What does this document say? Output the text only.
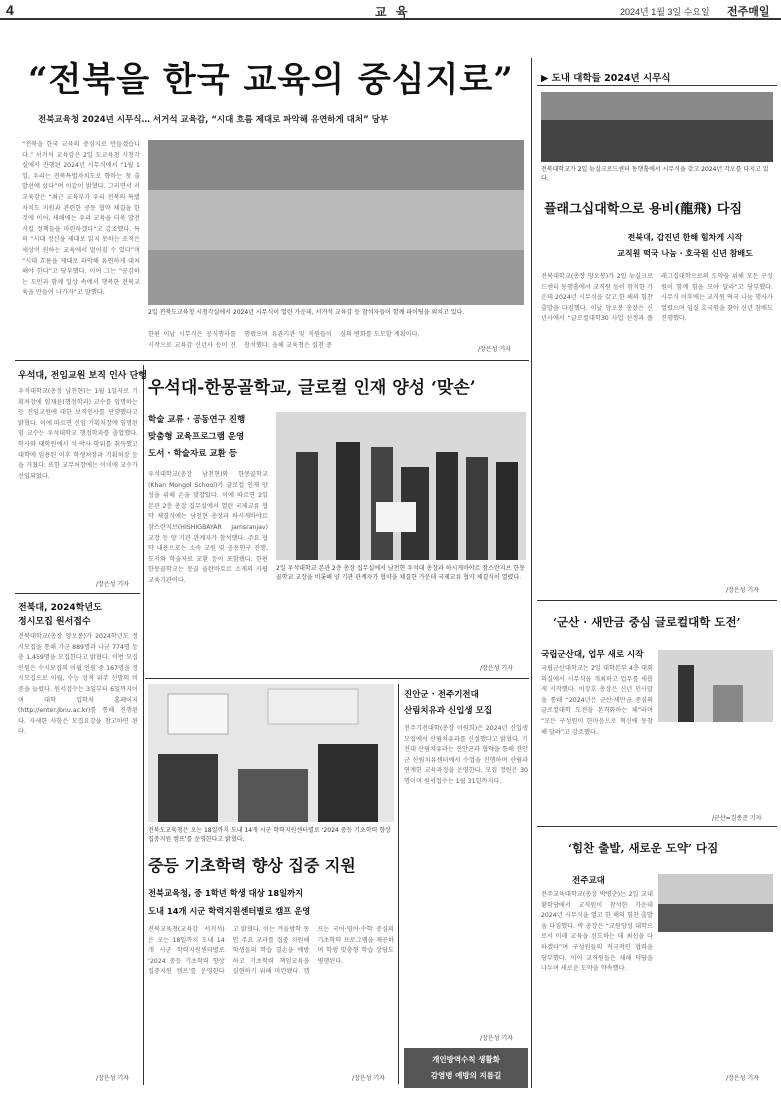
4	교 육	2024년 1월 3일 수요일 전주매일
“전북을 한국 교육의 중심지로”
전북교육청 2024년 시무식… 서거석 교육감, “시대 흐름 제대로 파악해 유연하게 대처” 당부
“전북을 한국 교육의 중심지로 만들겠습니다.” 서거석 교육감은 2일 도교육청 시청각실에서 진행된 2024년 시무식에서 “1월 1일, 우리는 전북특별자치도로 향하는 첫 출발선에 섰다”며 이같이 밝혔다. 그러면서 서 교육감은 “최근 교육부가 우리 전북의 특별자치도 지원과 관련한 공동 협약 체결을 한 것에 이어, 새해에는 우리 교육을 더욱 발전시킬 정책들을 마련하겠다”고 강조했다. 특히 “시대 정신을 제대로 읽지 못하는 조직은 세상이 원하는 교육에서 멀어질 수 있다”며 “시대 흐름을 제대로 파악해 유연하게 대처해야 한다”고 당부했다. 이어 그는 “공감하는 도민과 함께 일상 속에서 행복한 전북교육을 만들어 나가자”고 말했다.
2일 전북도교육청 시청각실에서 2024년 시무식이 열린 가운데, 서거석 교육감 등 참석자들이 함께 파이팅을 외치고 있다.
한편 이날 시무식은 공식행사를 시작으로 교육감 신년사 등이 진행됐으며 유관기관 및 직원들이 참석했다. 올해 교육청은 실천 중심의 변화를 도모할 계획이다.
/장은성 기자
우석대, 전임교원 보직 인사 단행
우석대학교(총장 남천현)는 1월 1일자로 기획처장에 임재윤(행정학과) 교수를 임명하는 등 전임교원에 대한 보직인사를 단행했다고 밝혔다. 이에 따르면 신임 기획처장에 임명된 임 교수는 우석대학교 행정학과를 졸업했다. 학사와 대학원에서 석·박사 학위를 취득했고 대학에 임용된 이후 학생처장과 기획처장 등을 거쳤다. 또한 교무처장에는 이미애 교수가 선임되었다.
/장은성 기자
전북대, 2024학년도
정시모집 원서접수
전북대학교(총장 양오봉)가 2024학년도 정시모집을 통해 가군 889명과 나군 774명 등 총 1,459명을 모집한다고 밝혔다. 이번 모집 인원은 수시모집의 이월 인원 중 167명을 정시모집으로 이월, 수능 성적 위주 선발의 비중을 늘렸다. 원서접수는 3일부터 6일까지이며 대학 입학처 홈페이지(http://enter.jbnu.ac.kr)를 통해 진행된다. 자세한 사항은 모집요강을 참고하면 된다.
/장은성 기자
우석대-한몽골학교, 글로컬 인재 양성 ‘맞손’
학술 교류 · 공동연구 진행
맞춤형 교육프로그램 운영
도서 · 학술자료 교환 등
우석대학교(총장 남천현)와 한몽골학교(Khan Mongol School)가 글로컬 인재 양성을 위해 손을 맞잡았다. 이에 따르면 2일 본관 2층 총장 집무실에서 열린 국제교류 협약 체결식에는 남천현 총장과 하시게바야르 잠스란지브(HISHIGBAYAR Jamsranjav) 교장 등 양 기관 관계자가 참석했다. 주요 협약 내용으로는 소속 교원 및 공동연구 진행, 도서와 학술자료 교환 등이 포함됐다. 한편 한몽골학교는 몽골 울란바토르 소재의 사립 교육기관이다.
2일 우석대학교 본관 2층 총장 집무실에서 남천현 우석대 총장과 하시게바야르 잠스란지브 한몽골학교 교장을 비롯해 양 기관 관계자가 협약을 체결한 가운데 국제교류 협약 체결식이 열렸다.
/장은성 기자
전북도교육청은 오는 18일까지 도내 14개 시군 학력지원센터별로 ‘2024 중등 기초학력 향상 집중지원 캠프’를 운영한다고 밝혔다.
중등 기초학력 향상 집중 지원
전북교육청, 중 1학년 학생 대상 18일까지
도내 14개 시군 학력지원센터별로 캠프 운영
전북교육청(교육감 서거석)은 오는 18일까지 도내 14개 시군 학력지원센터별로 ‘2024 중등 기초학력 향상 집중지원 캠프’를 운영한다고 밝혔다. 이는 겨울방학 동안 주요 교과를 집중 지원해 학생들의 학습 결손을 예방하고 기초학력 책임교육을 실현하기 위해 마련됐다. 캠프는 국어·영어·수학 중심의 기초학력 프로그램을 제공하며 학생 맞춤형 학습 상담도 병행된다.
/장은성 기자
진안군 · 전주기전대
산림치유과 신입생 모집
전주기전대학(총장 이원희)은 2024년 신입생 모집에서 산림치유과를 신설했다고 밝혔다. 기전대 산림치유과는 진안군과 협약을 통해 진안군 산림치유센터에서 수업을 진행하며 산림과 연계한 교육과정을 운영한다. 모집 정원은 30명이며 원서접수는 1월 31일까지다.
/장은성 기자
개인방역수칙 생활화
감염병 예방의 지름길
▶ 도내 대학들 2024년 시무식
전북대학교가 2일 뉴실크로드센터 동행홀에서 시무식을 갖고 2024년 각오를 다지고 있다.
플래그십대학으로 용비(龍飛) 다짐
전북대, 갑진년 한해 힘차게 시작
교직원 떡국 나눔 · 호국원 신년 참배도
전북대학교(총장 양오봉)가 2일 뉴실크로드센터 동행홀에서 교직원 등이 참석한 가운데 2024년 시무식을 갖고 한 해의 힘찬 출발을 다짐했다. 이날 양오봉 총장은 신년사에서 “글로컬대학30 사업 선정과 플래그십대학으로의 도약을 위해 모든 구성원이 함께 힘을 모아 달라”고 당부했다. 시무식 이후에는 교직원 떡국 나눔 행사가 열렸으며 임실 호국원을 찾아 신년 참배도 진행했다.
/장은성 기자
‘군산 · 새만금 중심 글로컬대학 도전’
국립군산대, 업무 새로 시작
국립군산대학교는 2일 대학본부 4층 대회의실에서 시무식을 개최하고 업무를 새롭게 시작했다. 이장호 총장은 신년 인사말을 통해 “2024년은 군산·새만금 중심의 글로컬대학 도전을 본격화하는 해”라며 “모든 구성원이 한마음으로 혁신에 동참해 달라”고 강조했다.
/군산=김종준 기자
‘힘찬 출발, 새로운 도약’ 다짐
전주교대
전주교육대학교(총장 박병춘)는 2일 교내 황학당에서 교직원이 참석한 가운데 2024년 시무식을 열고 한 해의 힘찬 출발을 다짐했다. 박 총장은 “교원양성 대학으로서 미래 교육을 선도하는 데 최선을 다하겠다”며 구성원들의 적극적인 협력을 당부했다. 이어 교직원들은 새해 덕담을 나누며 새로운 도약을 약속했다.
/장은성 기자
